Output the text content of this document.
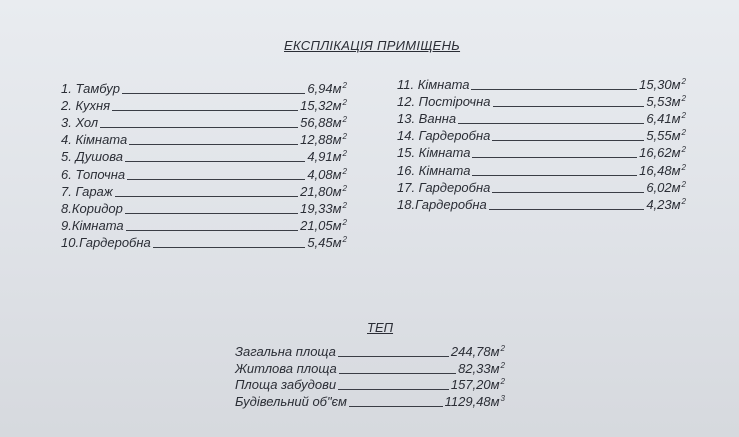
ЕКСПЛІКАЦІЯ ПРИМІЩЕНЬ
1. Тамбур	$6,94м^2$
2. Кухня	$15,32м^2$
3. Хол	$56,88м^2$
4. Кімната	$12,88м^2$
5. Душова	$4,91м^2$
6. Топочна	$4,08м^2$
7. Гараж	$21,80м^2$
8.Коридор	$19,33м^2$
9.Кімната	$21,05м^2$
10.Гардеробна	$5,45м^2$
11. Кімната	$15,30м^2$
12. Постірочна	$5,53м^2$
13. Ванна	$6,41м^2$
14. Гардеробна	$5,55м^2$
15. Кімната	$16,62м^2$
16. Кімната	$16,48м^2$
17. Гардеробна	$6,02м^2$
18.Гардеробна	$4,23м^2$
ТЕП
Загальна площа	$244,78м^2$
Житлова площа	$82,33м^2$
Площа забудови	$157,20м^2$
Будівельний об"єм	$1129,48м^3$
